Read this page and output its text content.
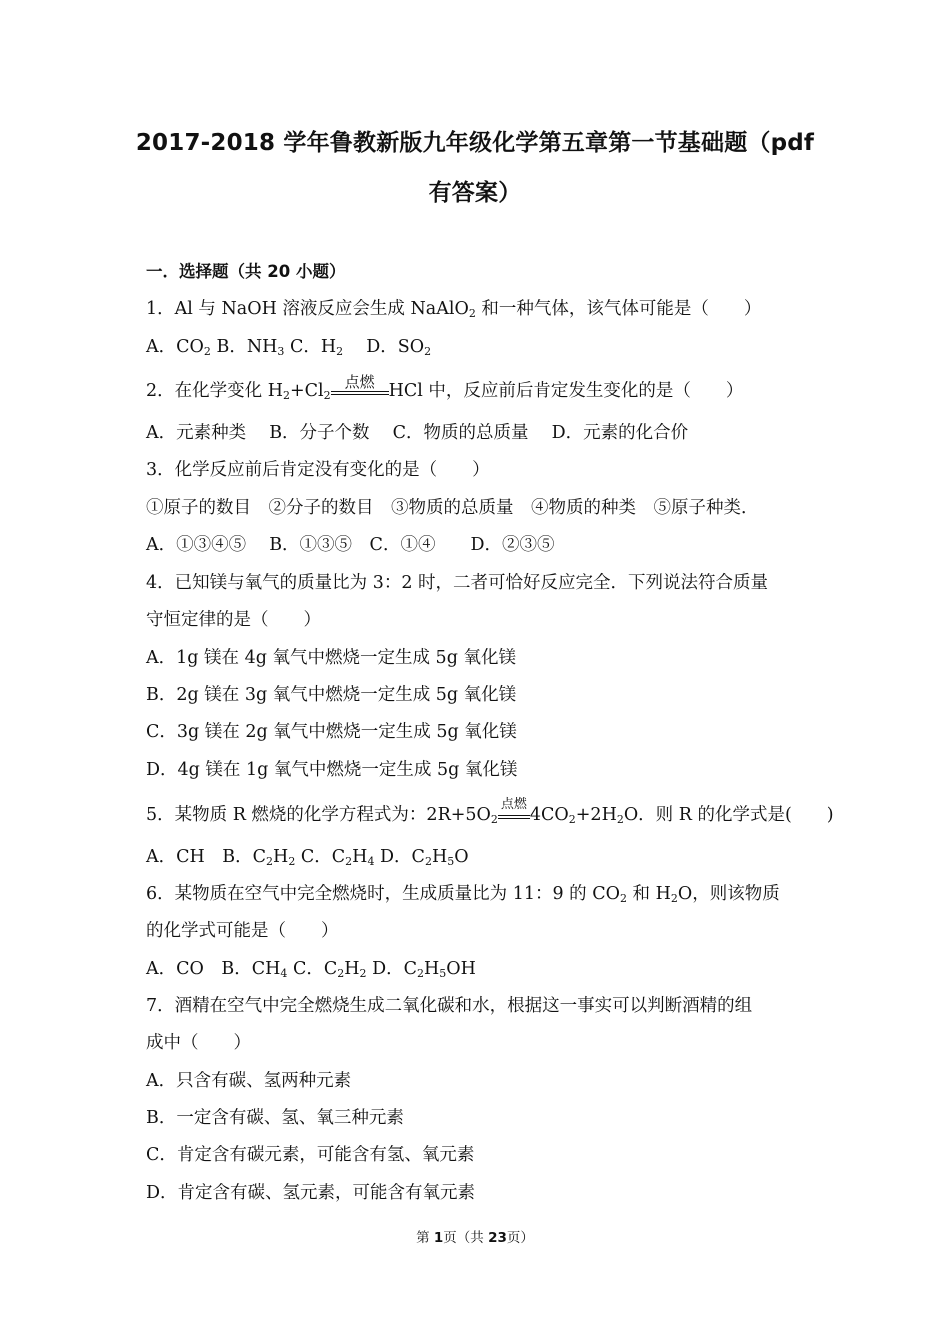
2017-2018 学年鲁教新版九年级化学第五章第一节基础题（pdf
有答案）
一．选择题（共 20 小题）
1．Al 与 NaOH 溶液反应会生成 NaAlO$_2$ 和一种气体，该气体可能是（　　）
A．$CO_2$ B．$NH_3$ C．$H_2$　 D．$SO_2$
2．在化学变化 $H_2+Cl_2$
点燃 HCl 中，反应前后肯定发生变化的是（　　）
A．元素种类　 B．分子个数　 C．物质的总质量　 D．元素的化合价
3．化学反应前后肯定没有变化的是（　　）
①原子的数目　②分子的数目　③物质的总质量　④物质的种类　⑤原子种类．
A．①③④⑤　 B．①③⑤　C．①④　　D．②③⑤
4．已知镁与氧气的质量比为 3：2 时，二者可恰好反应完全．下列说法符合质量
守恒定律的是（　　）
A．1g 镁在 4g 氧气中燃烧一定生成 5g 氧化镁
B．2g 镁在 3g 氧气中燃烧一定生成 5g 氧化镁
C．3g 镁在 2g 氧气中燃烧一定生成 5g 氧化镁
D．4g 镁在 1g 氧气中燃烧一定生成 5g 氧化镁
5．某物质 R 燃烧的化学方程式为：$2R+5O_2$
点燃
$4CO_2+2H_2O$．则 R 的化学式是(　　)
A．CH　B．$C_2H_2$ C．$C_2H_4$ D．$C_2H_5O$
6．某物质在空气中完全燃烧时，生成质量比为 11：9 的 $CO_2$ 和 $H_2O$，则该物质
的化学式可能是（　　）
A．CO　B．$CH_4$ C．$C_2H_2$ D．$C_2H_5OH$
7．酒精在空气中完全燃烧生成二氧化碳和水，根据这一事实可以判断酒精的组
成中（　　）
A．只含有碳、氢两种元素
B．一定含有碳、氢、氧三种元素
C．肯定含有碳元素，可能含有氢、氧元素
D．肯定含有碳、氢元素，可能含有氧元素
第 1页（共 23页）
